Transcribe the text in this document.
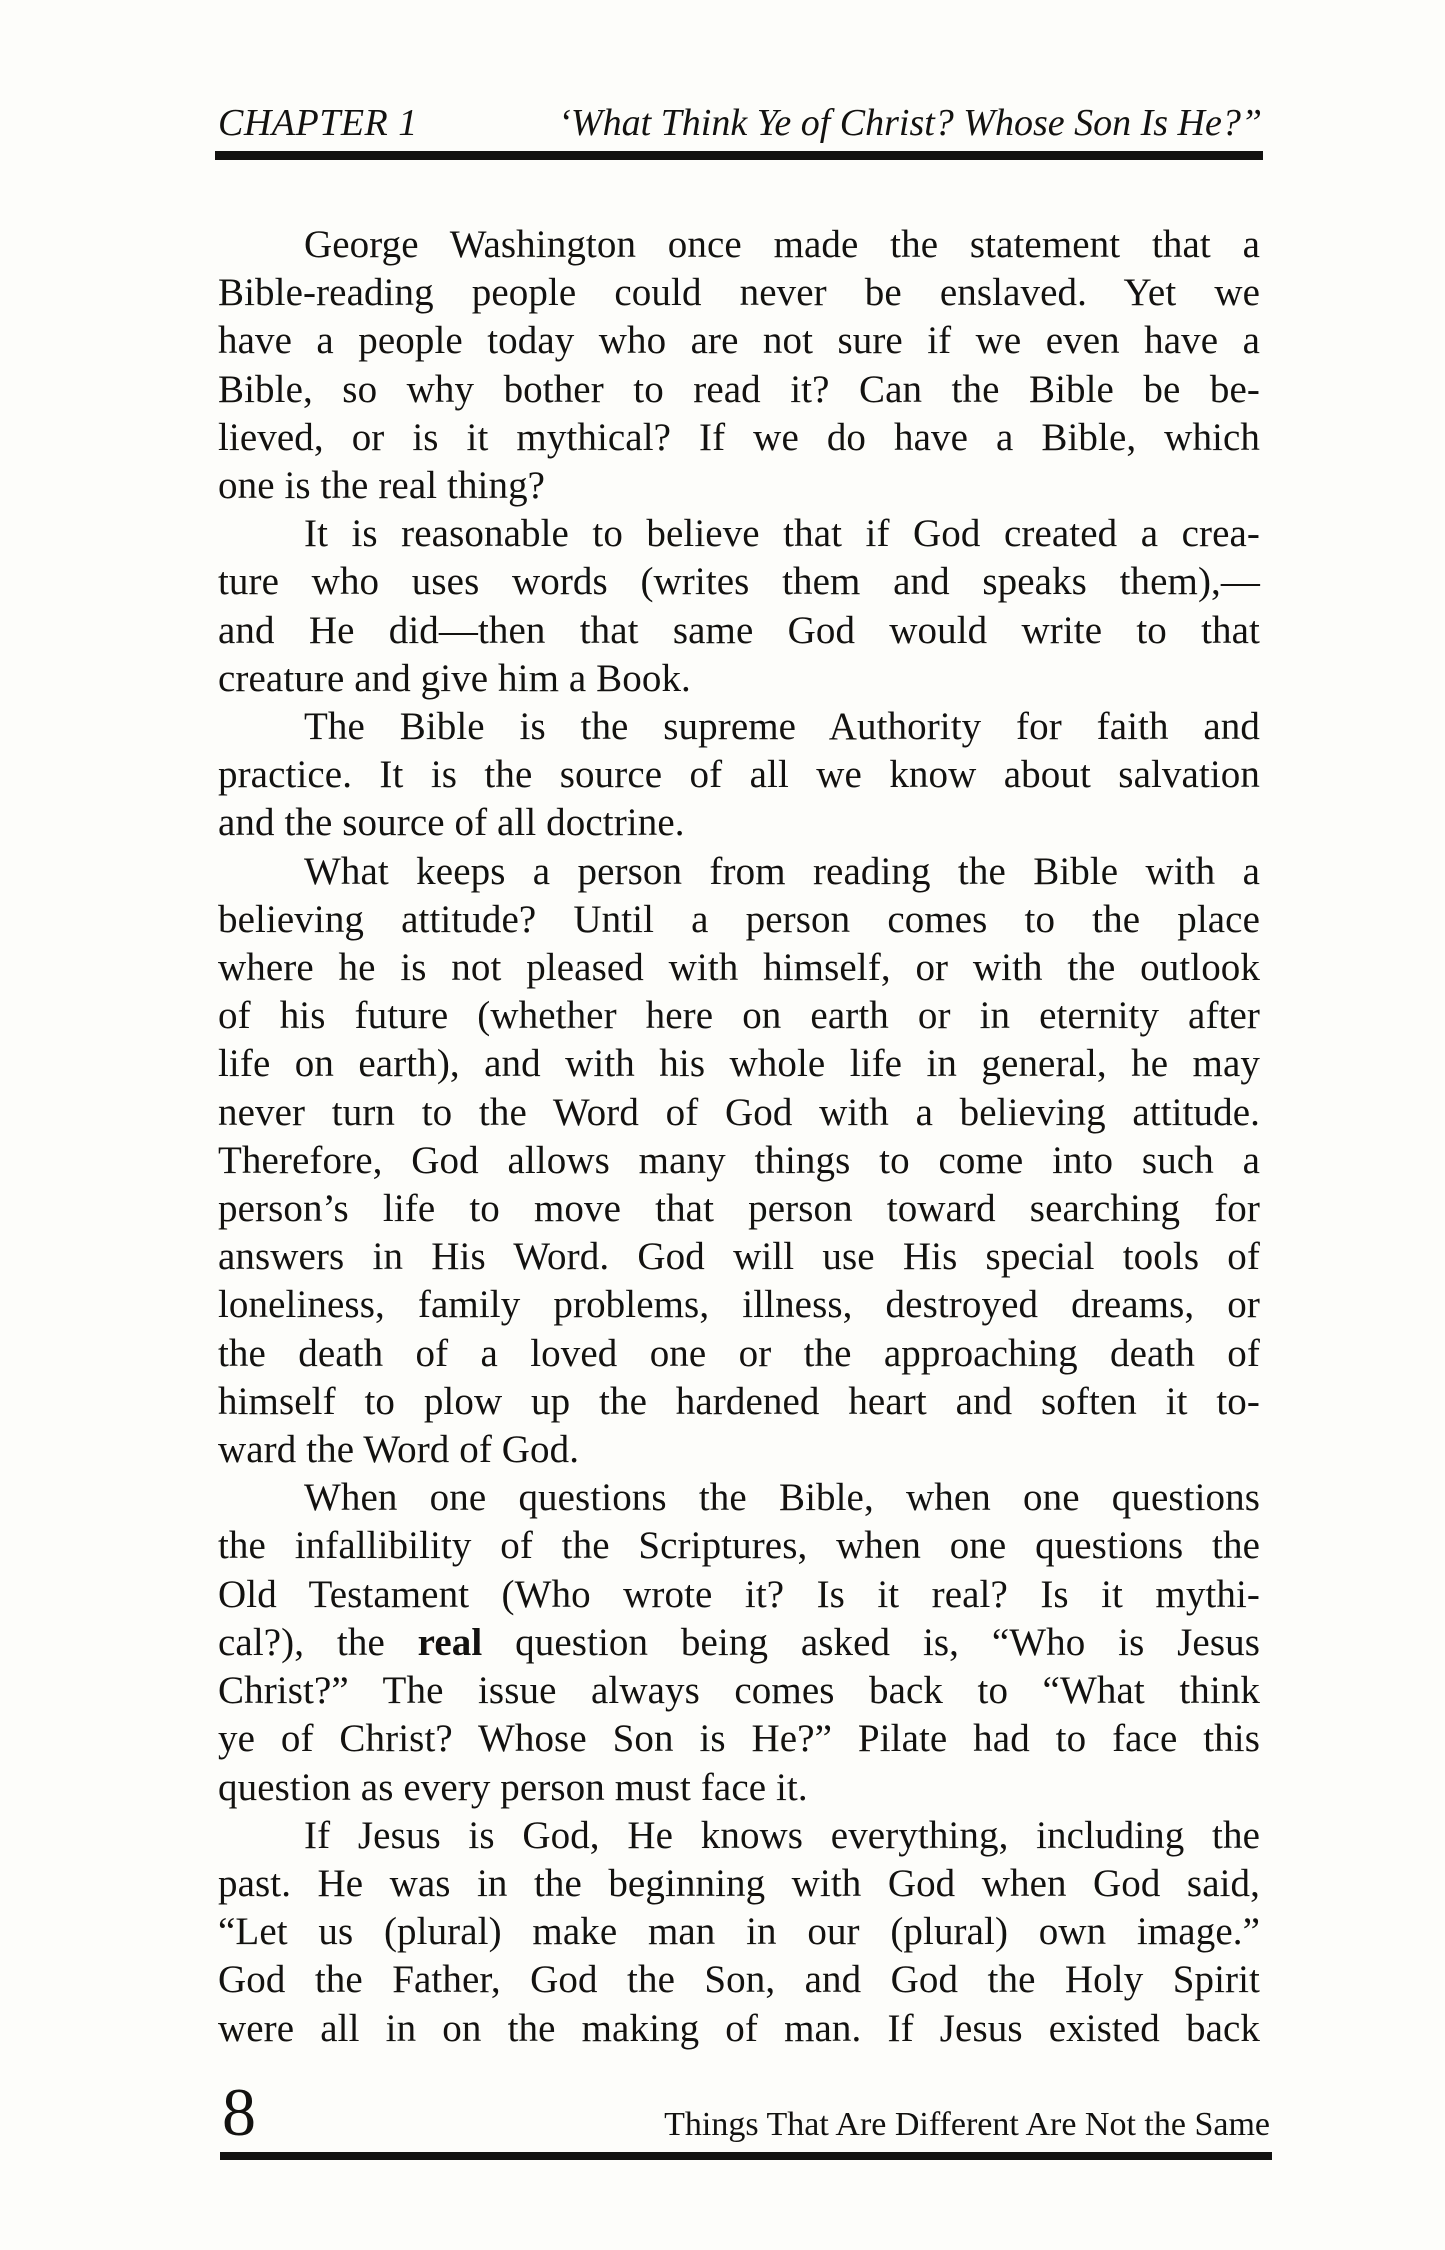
CHAPTER 1	‘What Think Ye of Christ? Whose Son Is He?”
George Washington once made the statement that a
Bible-reading people could never be enslaved. Yet we
have a people today who are not sure if we even have a
Bible, so why bother to read it? Can the Bible be be-
lieved, or is it mythical? If we do have a Bible, which
one is the real thing?
It is reasonable to believe that if God created a crea-
ture who uses words (writes them and speaks them),—
and He did—then that same God would write to that
creature and give him a Book.
The Bible is the supreme Authority for faith and
practice. It is the source of all we know about salvation
and the source of all doctrine.
What keeps a person from reading the Bible with a
believing attitude? Until a person comes to the place
where he is not pleased with himself, or with the outlook
of his future (whether here on earth or in eternity after
life on earth), and with his whole life in general, he may
never turn to the Word of God with a believing attitude.
Therefore, God allows many things to come into such a
person’s life to move that person toward searching for
answers in His Word. God will use His special tools of
loneliness, family problems, illness, destroyed dreams, or
the death of a loved one or the approaching death of
himself to plow up the hardened heart and soften it to-
ward the Word of God.
When one questions the Bible, when one questions
the infallibility of the Scriptures, when one questions the
Old Testament (Who wrote it? Is it real? Is it mythi-
cal?), the real question being asked is, “Who is Jesus
Christ?” The issue always comes back to “What think
ye of Christ? Whose Son is He?” Pilate had to face this
question as every person must face it.
If Jesus is God, He knows everything, including the
past. He was in the beginning with God when God said,
“Let us (plural) make man in our (plural) own image.”
God the Father, God the Son, and God the Holy Spirit
were all in on the making of man. If Jesus existed back
8	Things That Are Different Are Not the Same
